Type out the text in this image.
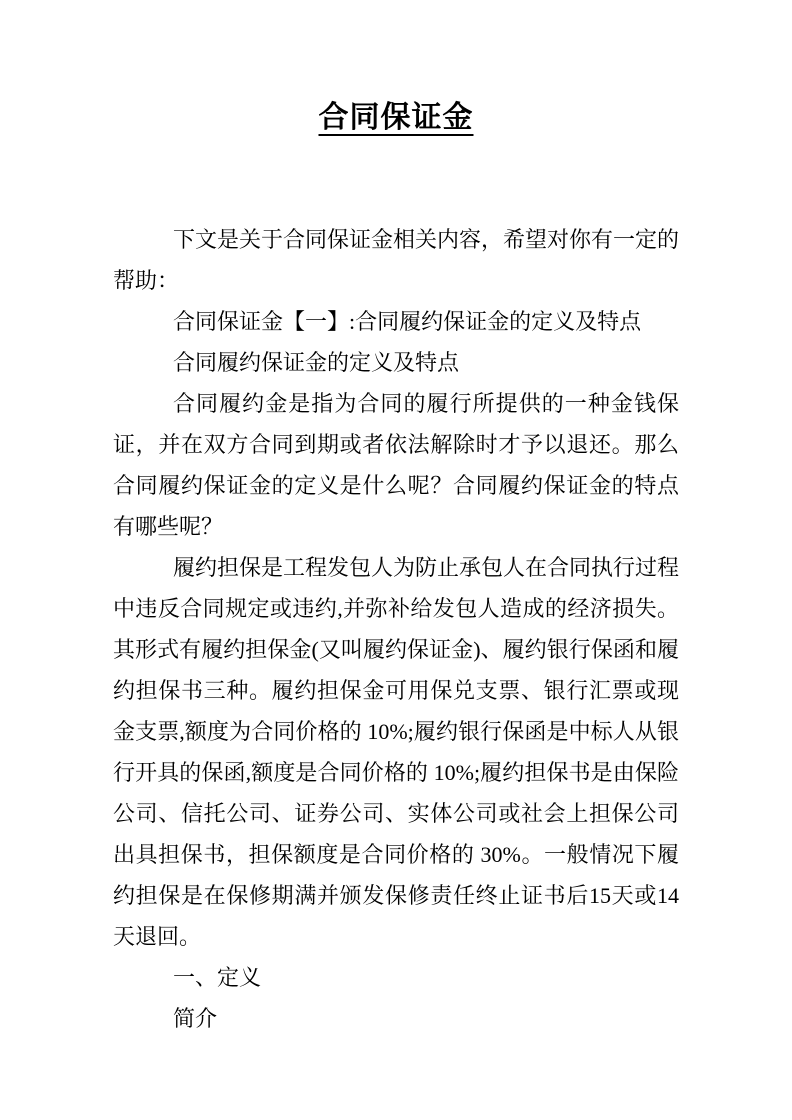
合同保证金

下文是关于合同保证金相关内容，希望对你有一定的帮助：

合同保证金【一】:合同履约保证金的定义及特点

合同履约保证金的定义及特点

合同履约金是指为合同的履行所提供的一种金钱保证，并在双方合同到期或者依法解除时才予以退还。那么合同履约保证金的定义是什么呢？合同履约保证金的特点有哪些呢？

履约担保是工程发包人为防止承包人在合同执行过程中违反合同规定或违约,并弥补给发包人造成的经济损失。其形式有履约担保金(又叫履约保证金)、履约银行保函和履约担保书三种。履约担保金可用保兑支票、银行汇票或现金支票,额度为合同价格的 10%;履约银行保函是中标人从银行开具的保函,额度是合同价格的 10%;履约担保书是由保险公司、信托公司、证券公司、实体公司或社会上担保公司出具担保书，担保额度是合同价格的 30%。一般情况下履约担保是在保修期满并颁发保修责任终止证书后15天或14天退回。

一、定义

简介
